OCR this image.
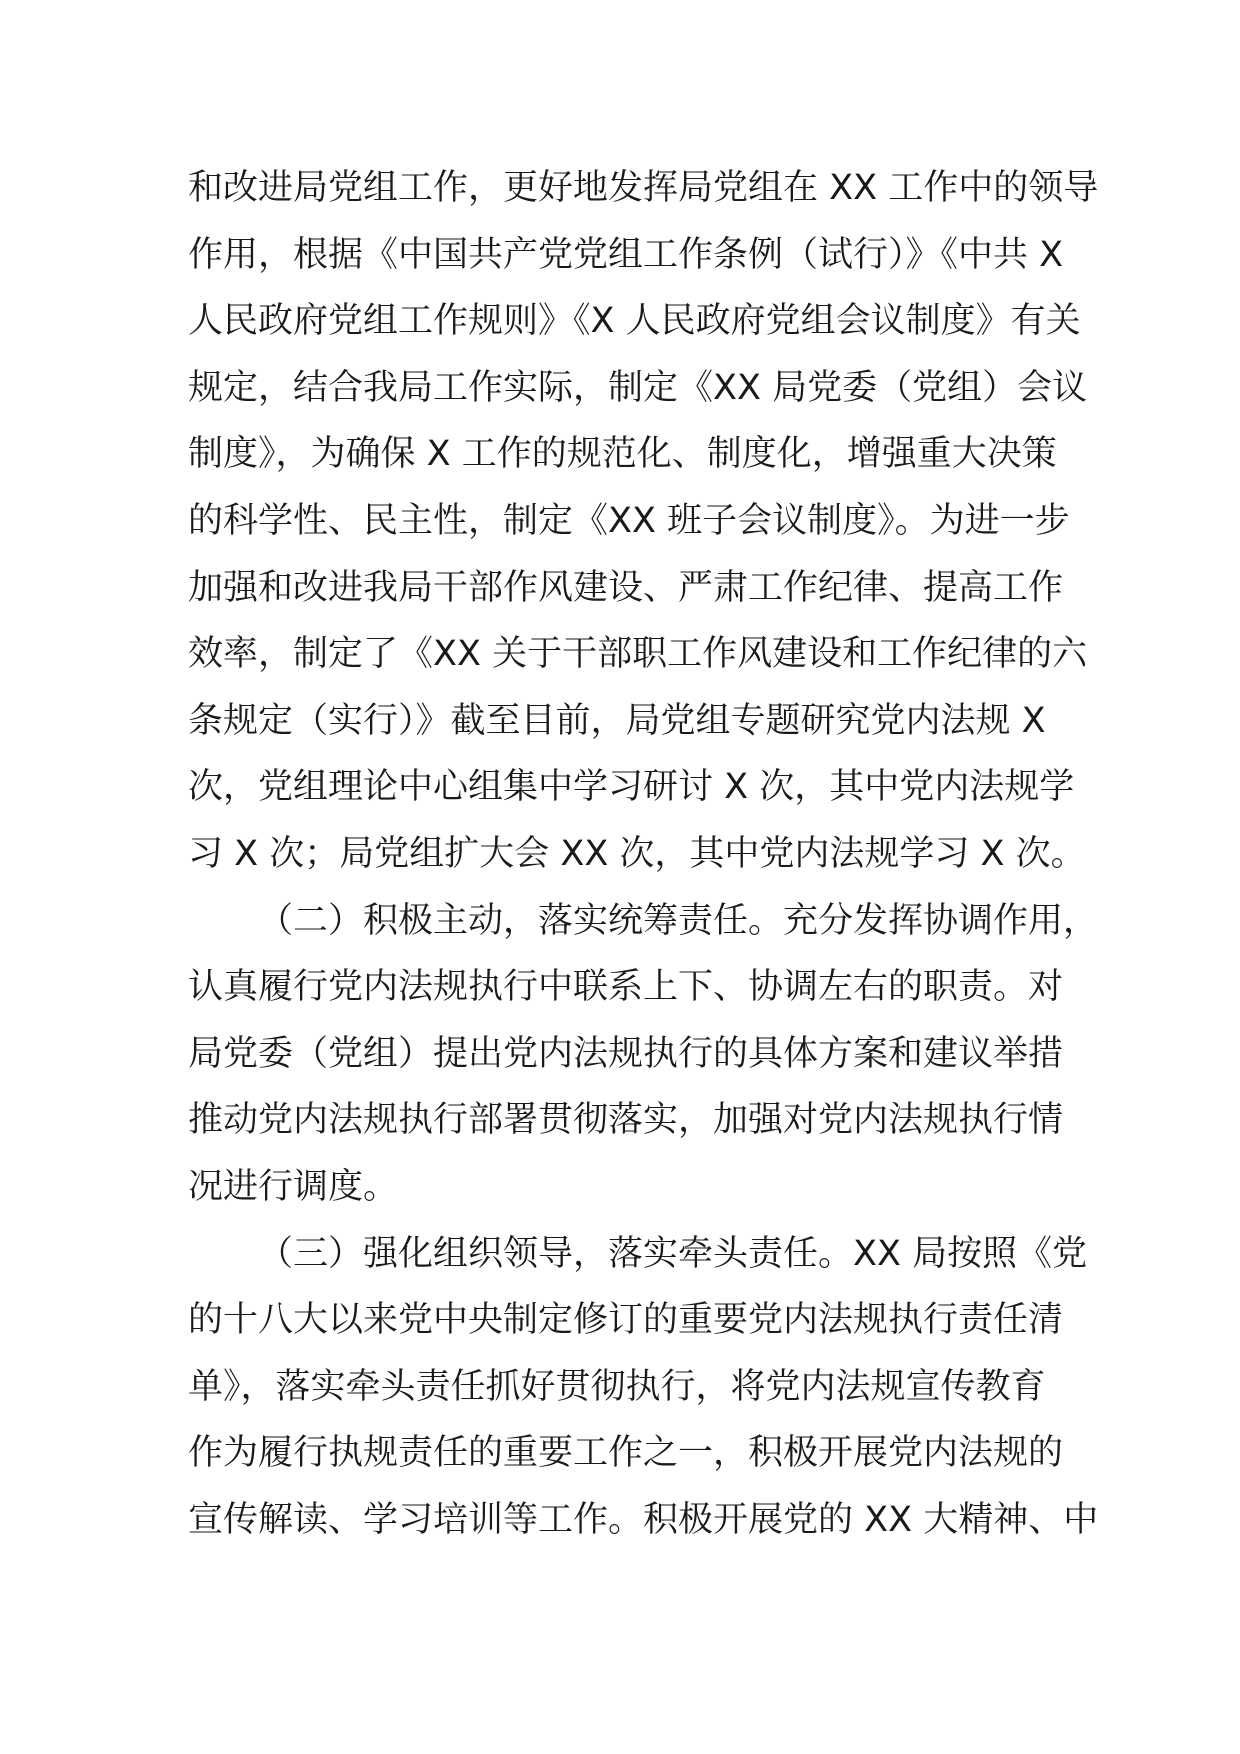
和改进局党组工作，更好地发挥局党组在 XX 工作中的领导
作用，根据《中国共产党党组工作条例（试行）》《中共 X
人民政府党组工作规则》《X 人民政府党组会议制度》有关
规定，结合我局工作实际，制定《XX 局党委（党组）会议
制度》，为确保 X 工作的规范化、制度化，增强重大决策
的科学性、民主性，制定《XX 班子会议制度》。为进一步
加强和改进我局干部作风建设、严肃工作纪律、提高工作
效率，制定了《XX 关于干部职工作风建设和工作纪律的六
条规定（实行）》截至目前，局党组专题研究党内法规 X
次，党组理论中心组集中学习研讨 X 次，其中党内法规学
习 X 次；局党组扩大会 XX 次，其中党内法规学习 X 次。
（二）积极主动，落实统筹责任。充分发挥协调作用，
认真履行党内法规执行中联系上下、协调左右的职责。对
局党委（党组）提出党内法规执行的具体方案和建议举措
推动党内法规执行部署贯彻落实，加强对党内法规执行情
况进行调度。
（三）强化组织领导，落实牵头责任。XX 局按照《党
的十八大以来党中央制定修订的重要党内法规执行责任清
单》，落实牵头责任抓好贯彻执行，将党内法规宣传教育
作为履行执规责任的重要工作之一，积极开展党内法规的
宣传解读、学习培训等工作。积极开展党的 XX 大精神、中
